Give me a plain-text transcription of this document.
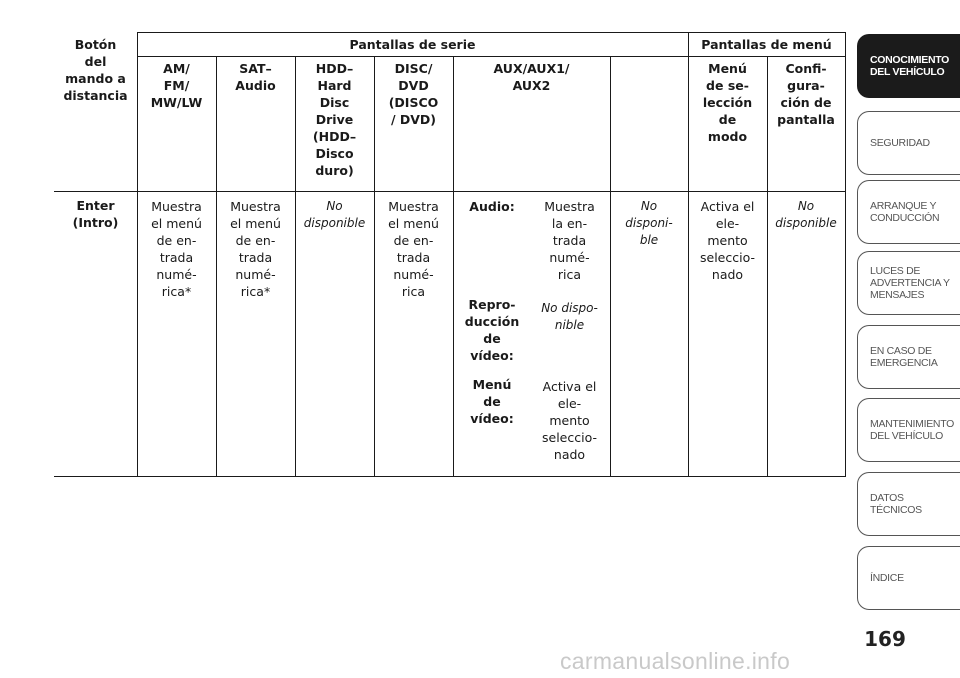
Botón
del
mando a
distancia
Pantallas de serie	Pantallas de menú
AM/
FM/
MW/LW
SAT–
Audio
HDD–
Hard
Disc
Drive
(HDD–
Disco
duro)
DISC/
DVD
(DISCO
/ DVD)
AUX/AUX1/
AUX2
Menú
de se-
lección
de
modo
Confi-
gura-
ción de
pantalla
Enter
(Intro)
Muestra
el menú
de en-
trada
numé-
rica*
Muestra
el menú
de en-
trada
numé-
rica*
No
disponible
Muestra
el menú
de en-
trada
numé-
rica
Audio:	Muestra
la en-
trada
numé-
rica
Repro-
ducción
de
vídeo:
No dispo-
nible
Menú
de
vídeo:
Activa el
ele-
mento
seleccio-
nado
No
disponi-
ble
Activa el
ele-
mento
seleccio-
nado
No
disponible
CONOCIMIENTO
DEL VEHÍCULO
SEGURIDAD
ARRANQUE Y
CONDUCCIÓN
LUCES DE
ADVERTENCIA Y
MENSAJES
EN CASO DE
EMERGENCIA
MANTENIMIENTO
DEL VEHÍCULO
DATOS
TÉCNICOS
ÍNDICE
169
carmanualsonline.info
